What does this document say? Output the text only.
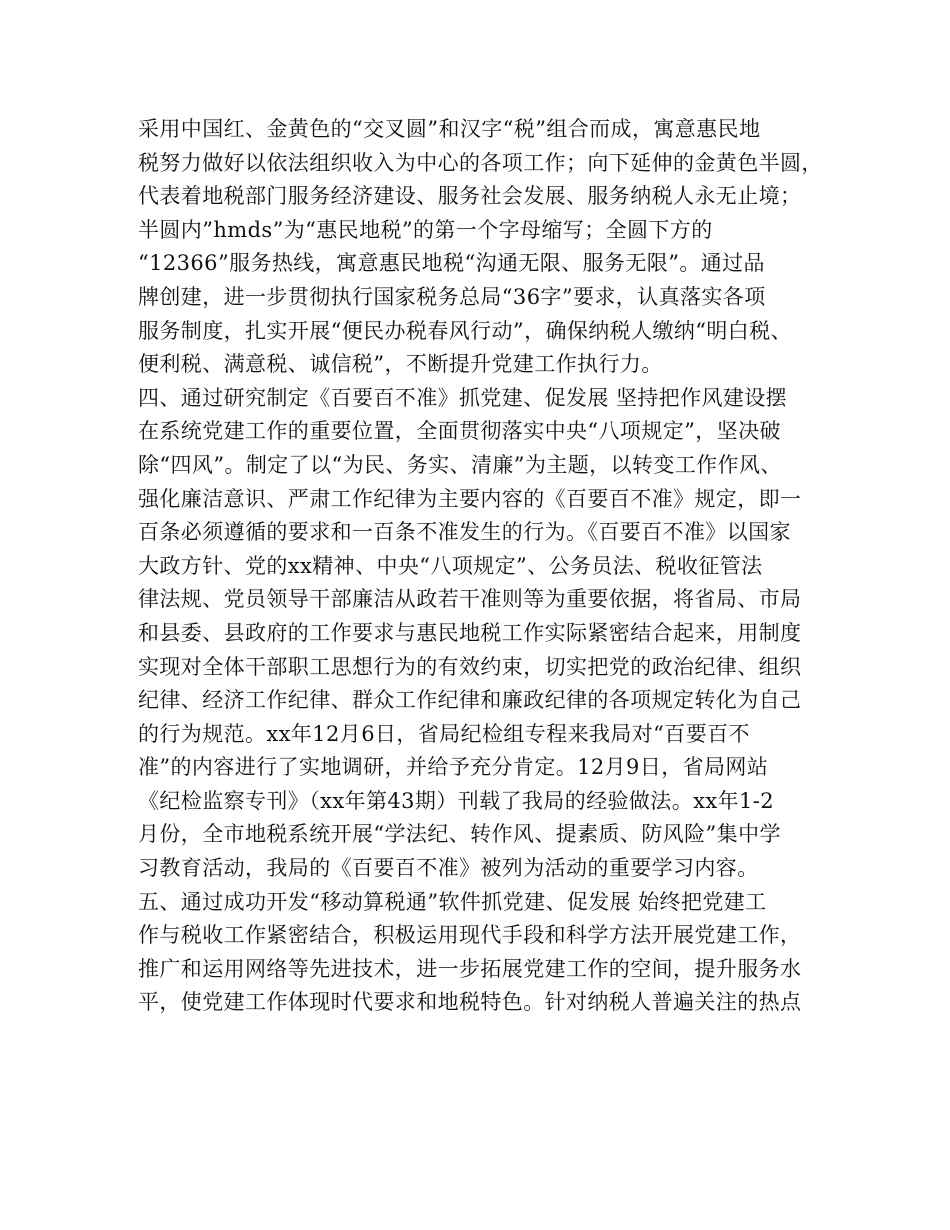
采用中国红、金黄色的“交叉圆”和汉字“税”组合而成，寓意惠民地
税努力做好以依法组织收入为中心的各项工作；向下延伸的金黄色半圆，
代表着地税部门服务经济建设、服务社会发展、服务纳税人永无止境；
半圆内”hmds”为“惠民地税”的第一个字母缩写；全圆下方的
“12366”服务热线，寓意惠民地税“沟通无限、服务无限”。通过品
牌创建，进一步贯彻执行国家税务总局“36字”要求，认真落实各项
服务制度，扎实开展“便民办税春风行动”，确保纳税人缴纳“明白税、
便利税、满意税、诚信税”，不断提升党建工作执行力。
四、通过研究制定《百要百不准》抓党建、促发展 坚持把作风建设摆
在系统党建工作的重要位置，全面贯彻落实中央“八项规定”，坚决破
除“四风”。制定了以“为民、务实、清廉”为主题，以转变工作作风、
强化廉洁意识、严肃工作纪律为主要内容的《百要百不准》规定，即一
百条必须遵循的要求和一百条不准发生的行为。《百要百不准》以国家
大政方针、党的xx精神、中央“八项规定”、公务员法、税收征管法
律法规、党员领导干部廉洁从政若干准则等为重要依据，将省局、市局
和县委、县政府的工作要求与惠民地税工作实际紧密结合起来，用制度
实现对全体干部职工思想行为的有效约束，切实把党的政治纪律、组织
纪律、经济工作纪律、群众工作纪律和廉政纪律的各项规定转化为自己
的行为规范。xx年12月6日，省局纪检组专程来我局对“百要百不
准”的内容进行了实地调研，并给予充分肯定。12月9日，省局网站
《纪检监察专刊》（xx年第43期）刊载了我局的经验做法。xx年1-2
月份，全市地税系统开展“学法纪、转作风、提素质、防风险”集中学
习教育活动，我局的《百要百不准》被列为活动的重要学习内容。
五、通过成功开发“移动算税通”软件抓党建、促发展 始终把党建工
作与税收工作紧密结合，积极运用现代手段和科学方法开展党建工作，
推广和运用网络等先进技术，进一步拓展党建工作的空间，提升服务水
平，使党建工作体现时代要求和地税特色。针对纳税人普遍关注的热点
